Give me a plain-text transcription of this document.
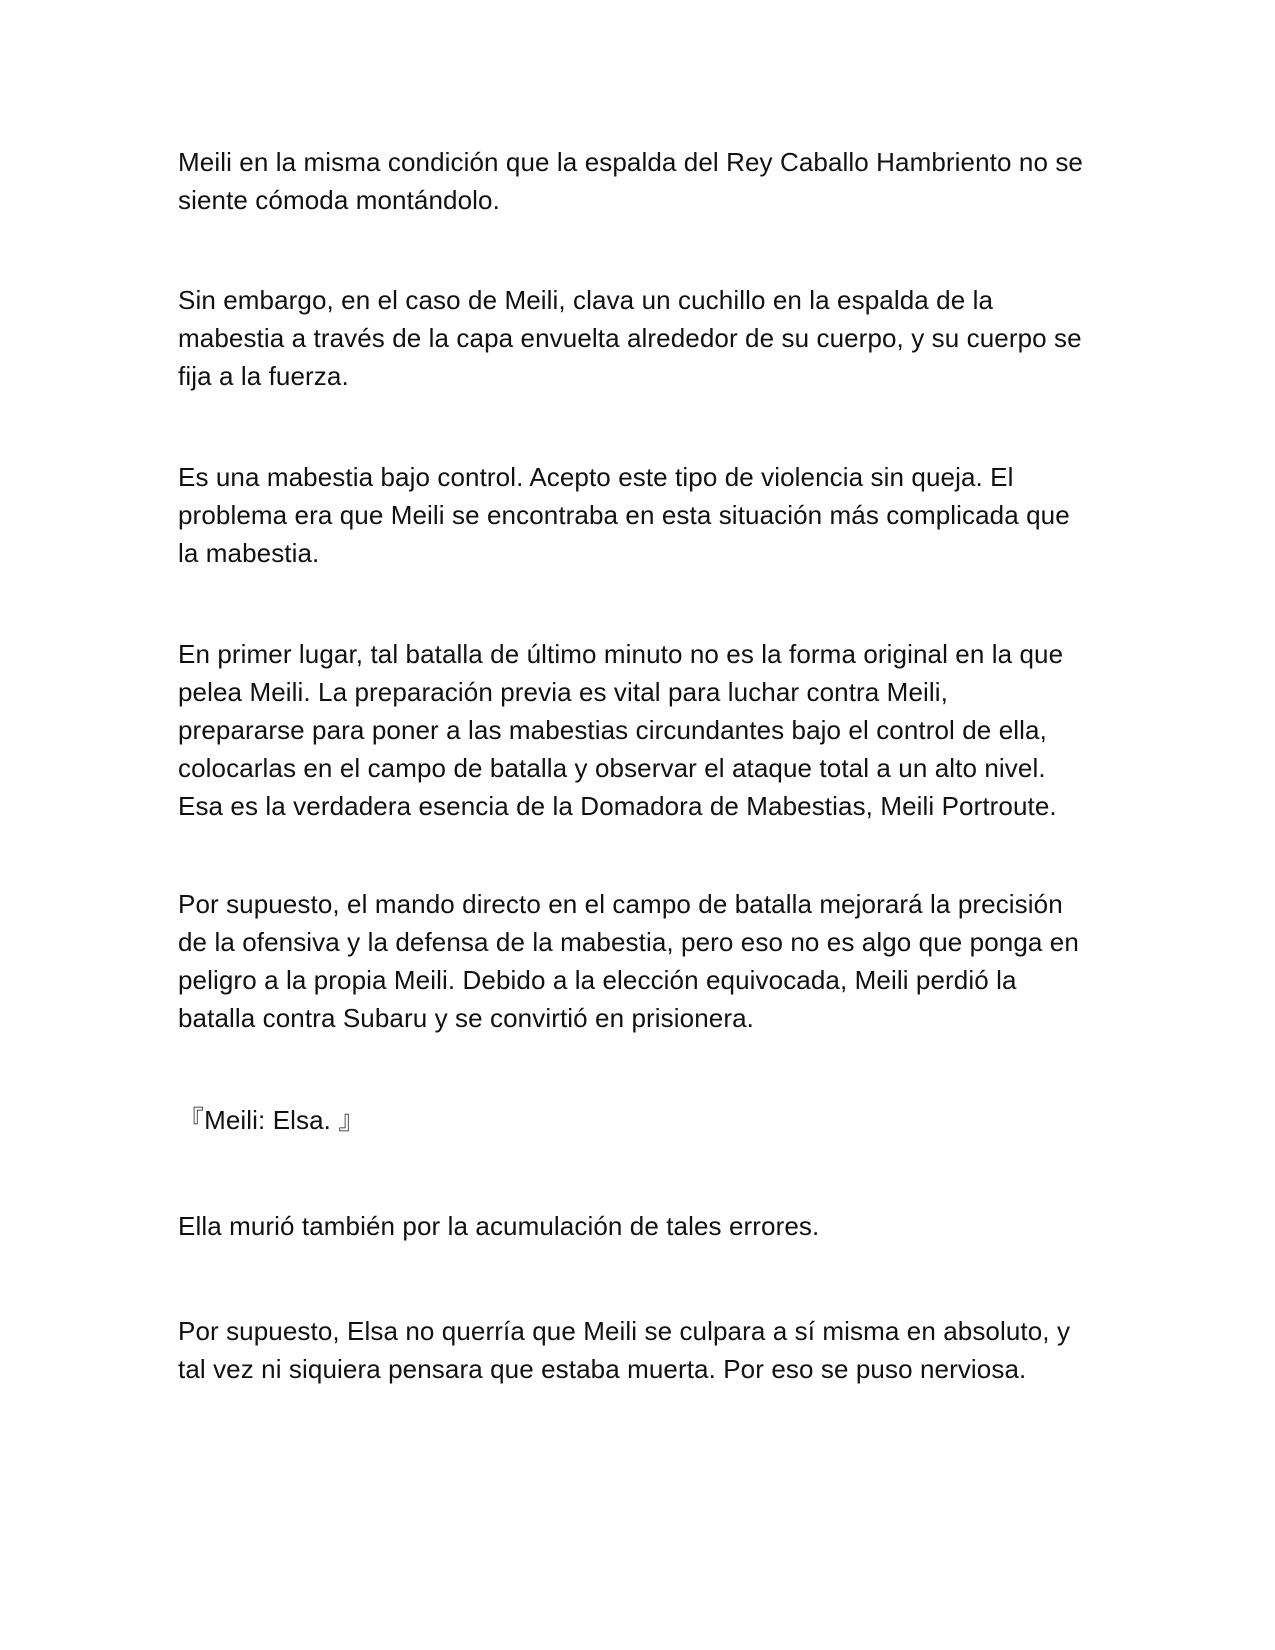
Meili en la misma condición que la espalda del Rey Caballo Hambriento no se
siente cómoda montándolo.

Sin embargo, en el caso de Meili, clava un cuchillo en la espalda de la
mabestia a través de la capa envuelta alrededor de su cuerpo, y su cuerpo se
fija a la fuerza.

Es una mabestia bajo control. Acepto este tipo de violencia sin queja. El
problema era que Meili se encontraba en esta situación más complicada que
la mabestia.

En primer lugar, tal batalla de último minuto no es la forma original en la que
pelea Meili. La preparación previa es vital para luchar contra Meili,
prepararse para poner a las mabestias circundantes bajo el control de ella,
colocarlas en el campo de batalla y observar el ataque total a un alto nivel.
Esa es la verdadera esencia de la Domadora de Mabestias, Meili Portroute.

Por supuesto, el mando directo en el campo de batalla mejorará la precisión
de la ofensiva y la defensa de la mabestia, pero eso no es algo que ponga en
peligro a la propia Meili. Debido a la elección equivocada, Meili perdió la
batalla contra Subaru y se convirtió en prisionera.

『Meili: Elsa. 』

Ella murió también por la acumulación de tales errores.

Por supuesto, Elsa no querría que Meili se culpara a sí misma en absoluto, y
tal vez ni siquiera pensara que estaba muerta. Por eso se puso nerviosa.
